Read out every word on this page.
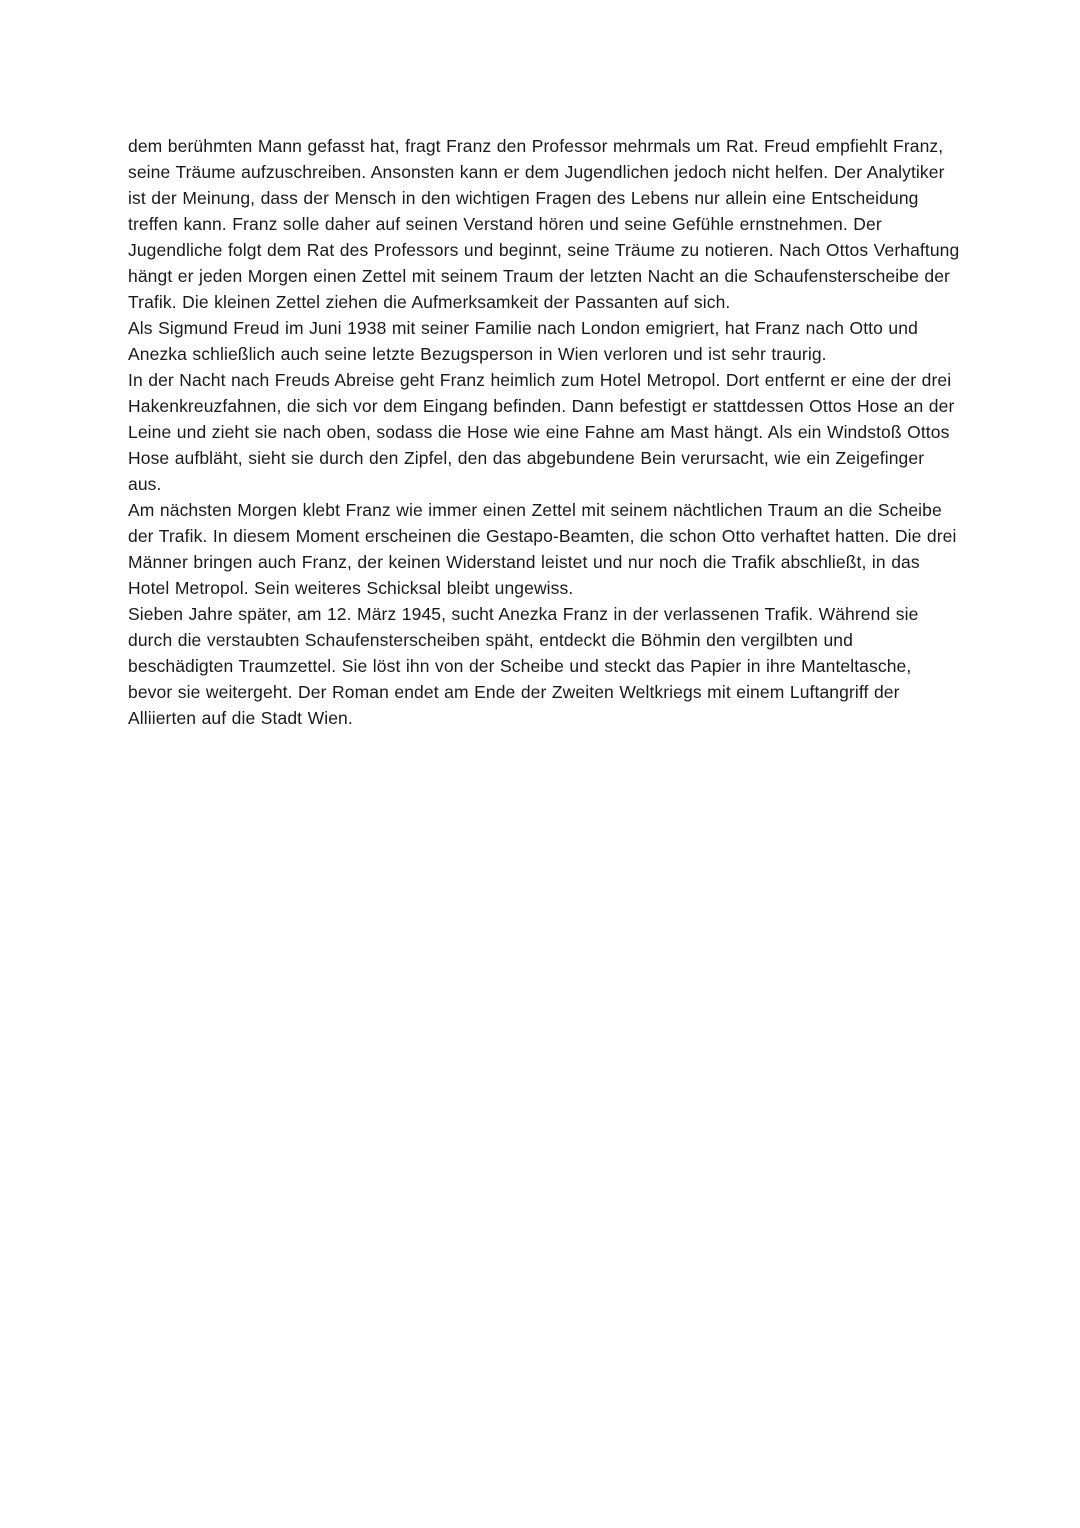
dem berühmten Mann gefasst hat, fragt Franz den Professor mehrmals um Rat. Freud empfiehlt Franz, seine Träume aufzuschreiben. Ansonsten kann er dem Jugendlichen jedoch nicht helfen. Der Analytiker ist der Meinung, dass der Mensch in den wichtigen Fragen des Lebens nur allein eine Entscheidung treffen kann. Franz solle daher auf seinen Verstand hören und seine Gefühle ernstnehmen. Der Jugendliche folgt dem Rat des Professors und beginnt, seine Träume zu notieren. Nach Ottos Verhaftung hängt er jeden Morgen einen Zettel mit seinem Traum der letzten Nacht an die Schaufensterscheibe der Trafik. Die kleinen Zettel ziehen die Aufmerksamkeit der Passanten auf sich.

Als Sigmund Freud im Juni 1938 mit seiner Familie nach London emigriert, hat Franz nach Otto und Anezka schließlich auch seine letzte Bezugsperson in Wien verloren und ist sehr traurig.

In der Nacht nach Freuds Abreise geht Franz heimlich zum Hotel Metropol. Dort entfernt er eine der drei Hakenkreuzfahnen, die sich vor dem Eingang befinden. Dann befestigt er stattdessen Ottos Hose an der Leine und zieht sie nach oben, sodass die Hose wie eine Fahne am Mast hängt. Als ein Windstoß Ottos Hose aufbläht, sieht sie durch den Zipfel, den das abgebundene Bein verursacht, wie ein Zeigefinger aus.

Am nächsten Morgen klebt Franz wie immer einen Zettel mit seinem nächtlichen Traum an die Scheibe der Trafik. In diesem Moment erscheinen die Gestapo-Beamten, die schon Otto verhaftet hatten. Die drei Männer bringen auch Franz, der keinen Widerstand leistet und nur noch die Trafik abschließt, in das Hotel Metropol. Sein weiteres Schicksal bleibt ungewiss.

Sieben Jahre später, am 12. März 1945, sucht Anezka Franz in der verlassenen Trafik. Während sie durch die verstaubten Schaufensterscheiben späht, entdeckt die Böhmin den vergilbten und beschädigten Traumzettel. Sie löst ihn von der Scheibe und steckt das Papier in ihre Manteltasche, bevor sie weitergeht. Der Roman endet am Ende der Zweiten Weltkriegs mit einem Luftangriff der Alliierten auf die Stadt Wien.
